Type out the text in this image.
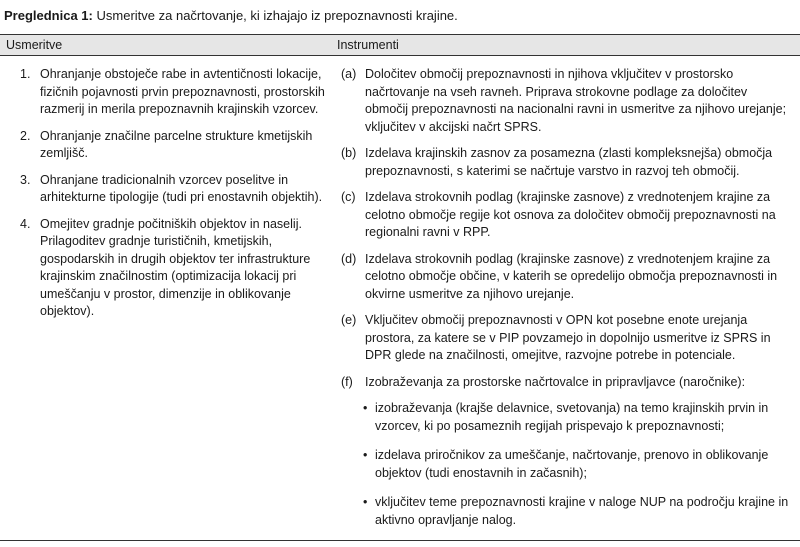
Preglednica 1: Usmeritve za načrtovanje, ki izhajajo iz prepoznavnosti krajine.
Usmeritve	Instrumenti
1. Ohranjanje obstoječe rabe in avtentičnosti lokacije, fizičnih pojavnosti prvin prepoznavnosti, prostorskih razmerij in merila prepoznavnih krajinskih vzorcev.
2. Ohranjanje značilne parcelne strukture kmetijskih zemljišč.
3. Ohranjane tradicionalnih vzorcev poselitve in arhitekturne tipologije (tudi pri enostavnih objektih).
4. Omejitev gradnje počitniških objektov in naselij. Prilagoditev gradnje turističnih, kmetijskih, gospodarskih in drugih objektov ter infrastrukture krajinskim značilnostim (optimizacija lokacij pri umeščanju v prostor, dimenzije in oblikovanje objektov).
(a) Določitev območij prepoznavnosti in njihova vključitev v prostorsko načrtovanje na vseh ravneh. Priprava strokovne podlage za določitev območij prepoznavnosti na nacionalni ravni in usmeritve za njihovo urejanje; vključitev v akcijski načrt SPRS.
(b) Izdelava krajinskih zasnov za posamezna (zlasti kompleksnejša) območja prepoznavnosti, s katerimi se načrtuje varstvo in razvoj teh območij.
(c) Izdelava strokovnih podlag (krajinske zasnove) z vrednotenjem krajine za celotno območje regije kot osnova za določitev območij prepoznavnosti na regionalni ravni v RPP.
(d) Izdelava strokovnih podlag (krajinske zasnove) z vrednotenjem krajine za celotno območje občine, v katerih se opredelijo območja prepoznavnosti in okvirne usmeritve za njihovo urejanje.
(e) Vključitev območij prepoznavnosti v OPN kot posebne enote urejanja prostora, za katere se v PIP povzamejo in dopolnijo usmeritve iz SPRS in DPR glede na značilnosti, omejitve, razvojne potrebe in potenciale.
(f) Izobraževanja za prostorske načrtovalce in pripravljavce (naročnike):
• izobraževanja (krajše delavnice, svetovanja) na temo krajinskih prvin in vzorcev, ki po posameznih regijah prispevajo k prepoznavnosti;
• izdelava priročnikov za umeščanje, načrtovanje, prenovo in oblikovanje objektov (tudi enostavnih in začasnih);
• vključitev teme prepoznavnosti krajine v naloge NUP na področju krajine in aktivno opravljanje nalog.
